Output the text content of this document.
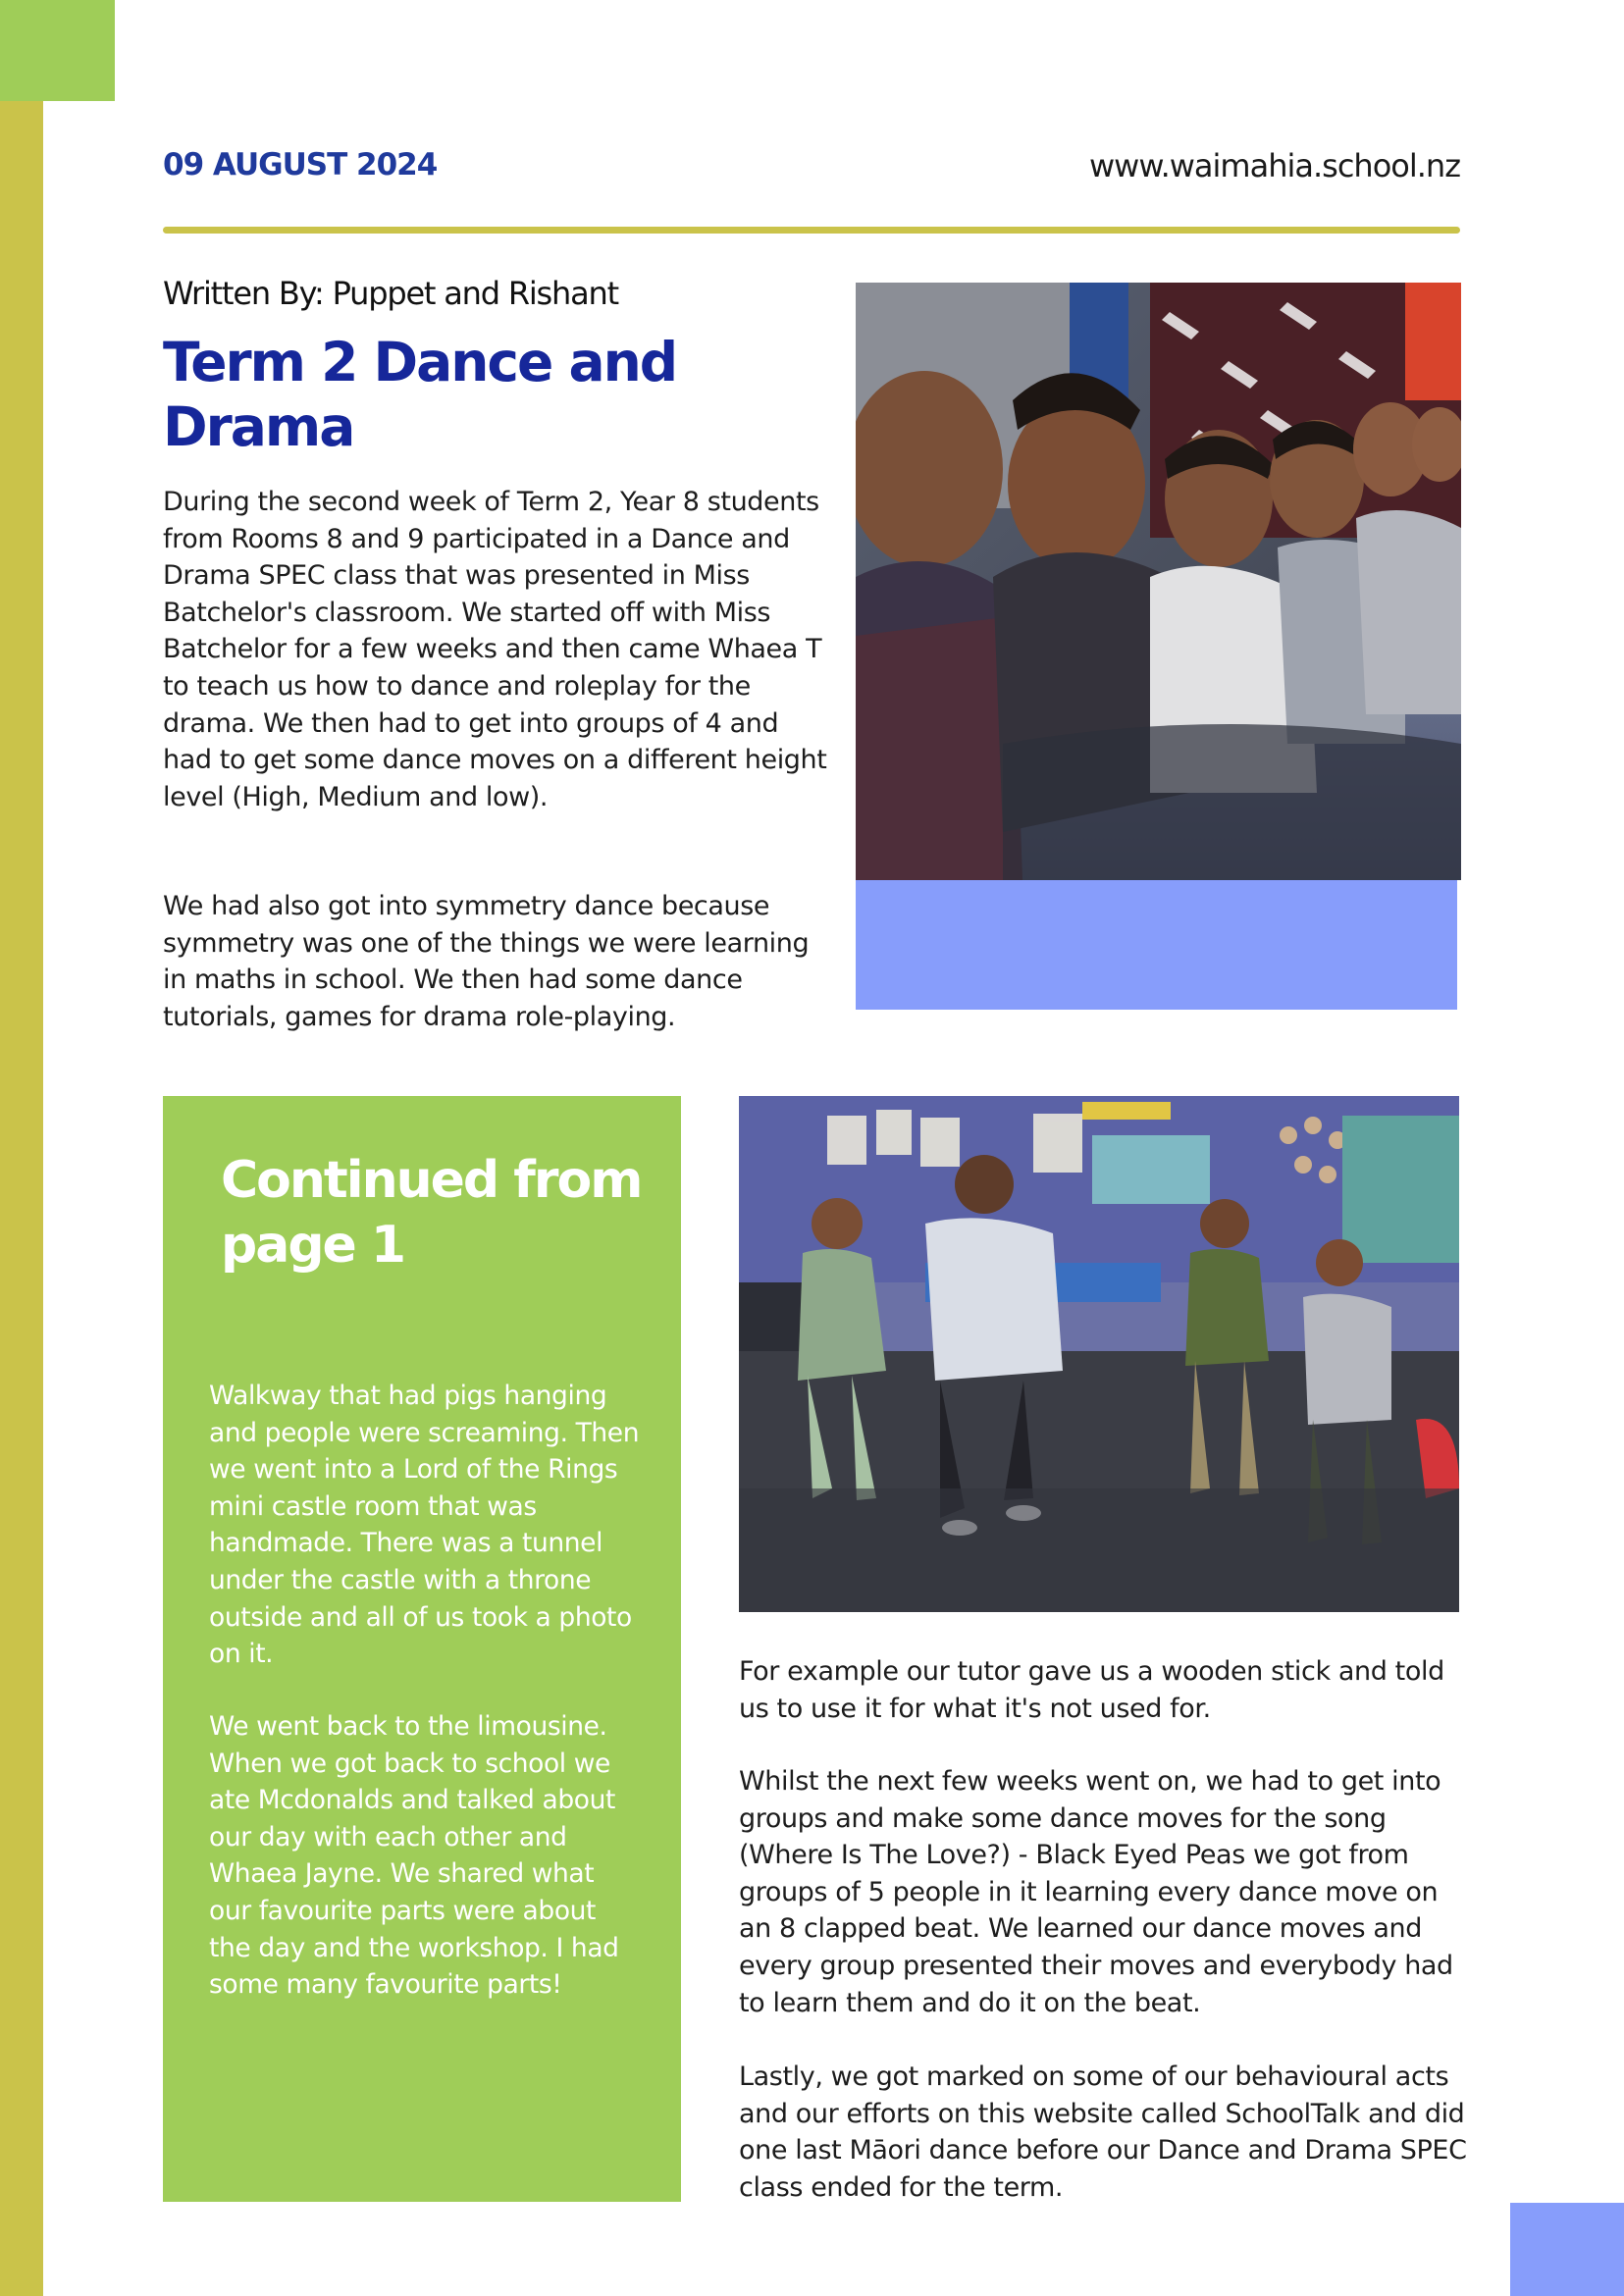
09 AUGUST 2024	www.waimahia.school.nz
Written By: Puppet and Rishant
Term 2 Dance and Drama

During the second week of Term 2, Year 8 students from Rooms 8 and 9 participated in a Dance and Drama SPEC class that was presented in Miss Batchelor's classroom. We started off with Miss Batchelor for a few weeks and then came Whaea T to teach us how to dance and roleplay for the drama. We then had to get into groups of 4 and had to get some dance moves on a different height level (High, Medium and low).

We had also got into symmetry dance because symmetry was one of the things we were learning in maths in school. We then had some dance tutorials, games for drama role-playing.

Continued from page 1

Walkway that had pigs hanging and people were screaming. Then we went into a Lord of the Rings mini castle room that was handmade. There was a tunnel under the castle with a throne outside and all of us took a photo on it.

We went back to the limousine. When we got back to school we ate Mcdonalds and talked about our day with each other and Whaea Jayne. We shared what our favourite parts were about the day and the workshop. I had some many favourite parts!

For example our tutor gave us a wooden stick and told us to use it for what it's not used for.

Whilst the next few weeks went on, we had to get into groups and make some dance moves for the song (Where Is The Love?) - Black Eyed Peas we got from groups of 5 people in it learning every dance move on an 8 clapped beat. We learned our dance moves and every group presented their moves and everybody had to learn them and do it on the beat.

Lastly, we got marked on some of our behavioural acts and our efforts on this website called SchoolTalk and did one last Māori dance before our Dance and Drama SPEC class ended for the term.
